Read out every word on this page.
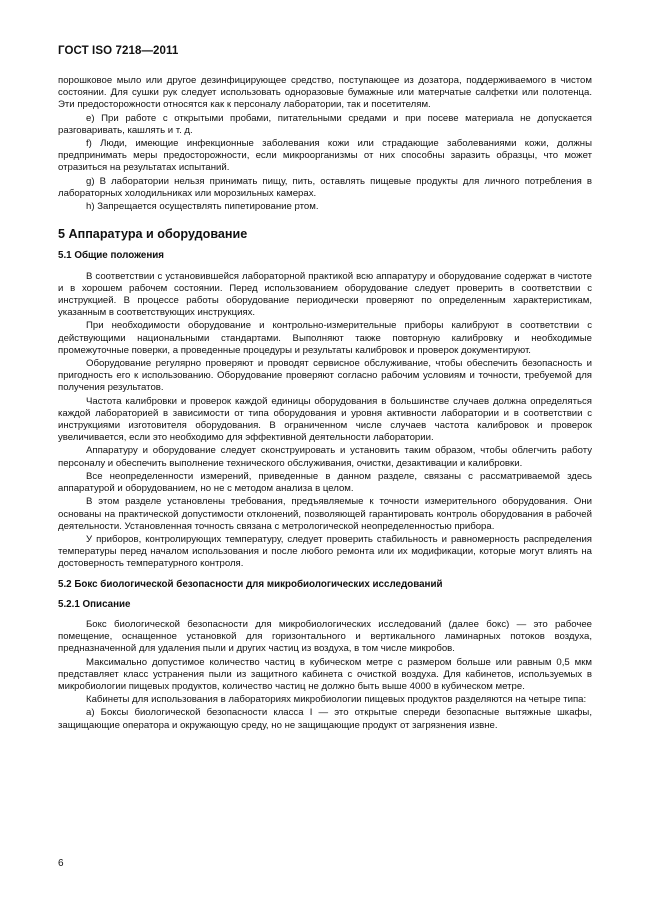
ГОСТ ISO 7218—2011

порошковое мыло или другое дезинфицирующее средство, поступающее из дозатора, поддерживаемого в чистом состоянии. Для сушки рук следует использовать одноразовые бумажные или матерчатые салфетки или полотенца. Эти предосторожности относятся как к персоналу лаборатории, так и посетителям.

e) При работе с открытыми пробами, питательными средами и при посеве материала не допускается разговаривать, кашлять и т. д.

f) Люди, имеющие инфекционные заболевания кожи или страдающие заболеваниями кожи, должны предпринимать меры предосторожности, если микроорганизмы от них способны заразить образцы, что может отразиться на результатах испытаний.

g) В лаборатории нельзя принимать пищу, пить, оставлять пищевые продукты для личного потребления в лабораторных холодильниках или морозильных камерах.

h) Запрещается осуществлять пипетирование ртом.

5 Аппаратура и оборудование
5.1 Общие положения

В соответствии с установившейся лабораторной практикой всю аппаратуру и оборудование содержат в чистоте и в хорошем рабочем состоянии. Перед использованием оборудование следует проверить в соответствии с инструкцией. В процессе работы оборудование периодически проверяют по определенным характеристикам, указанным в соответствующих инструкциях.

При необходимости оборудование и контрольно-измерительные приборы калибруют в соответствии с действующими национальными стандартами. Выполняют также повторную калибровку и необходимые промежуточные поверки, а проведенные процедуры и результаты калибровок и проверок документируют.

Оборудование регулярно проверяют и проводят сервисное обслуживание, чтобы обеспечить безопасность и пригодность его к использованию. Оборудование проверяют согласно рабочим условиям и точности, требуемой для получения результатов.

Частота калибровки и проверок каждой единицы оборудования в большинстве случаев должна определяться каждой лабораторией в зависимости от типа оборудования и уровня активности лаборатории и в соответствии с инструкциями изготовителя оборудования. В ограниченном числе случаев частота калибровок и проверок увеличивается, если это необходимо для эффективной деятельности лаборатории.

Аппаратуру и оборудование следует сконструировать и установить таким образом, чтобы облегчить работу персоналу и обеспечить выполнение технического обслуживания, очистки, дезактивации и калибровки.

Все неопределенности измерений, приведенные в данном разделе, связаны с рассматриваемой здесь аппаратурой и оборудованием, но не с методом анализа в целом.

В этом разделе установлены требования, предъявляемые к точности измерительного оборудования. Они основаны на практической допустимости отклонений, позволяющей гарантировать контроль оборудования в рабочей деятельности. Установленная точность связана с метрологической неопределенностью прибора.

У приборов, контролирующих температуру, следует проверить стабильность и равномерность распределения температуры перед началом использования и после любого ремонта или их модификации, которые могут влиять на достоверность температурного контроля.

5.2 Бокс биологической безопасности для микробиологических исследований
5.2.1 Описание

Бокс биологической безопасности для микробиологических исследований (далее бокс) — это рабочее помещение, оснащенное установкой для горизонтального и вертикального ламинарных потоков воздуха, предназначенной для удаления пыли и других частиц из воздуха, в том числе микробов.

Максимально допустимое количество частиц в кубическом метре с размером больше или равным 0,5 мкм представляет класс устранения пыли из защитного кабинета с очисткой воздуха. Для кабинетов, используемых в микробиологии пищевых продуктов, количество частиц не должно быть выше 4000 в кубическом метре.

Кабинеты для использования в лабораториях микробиологии пищевых продуктов разделяются на четыре типа:

a) Боксы биологической безопасности класса I — это открытые спереди безопасные вытяжные шкафы, защищающие оператора и окружающую среду, но не защищающие продукт от загрязнения извне.

6
